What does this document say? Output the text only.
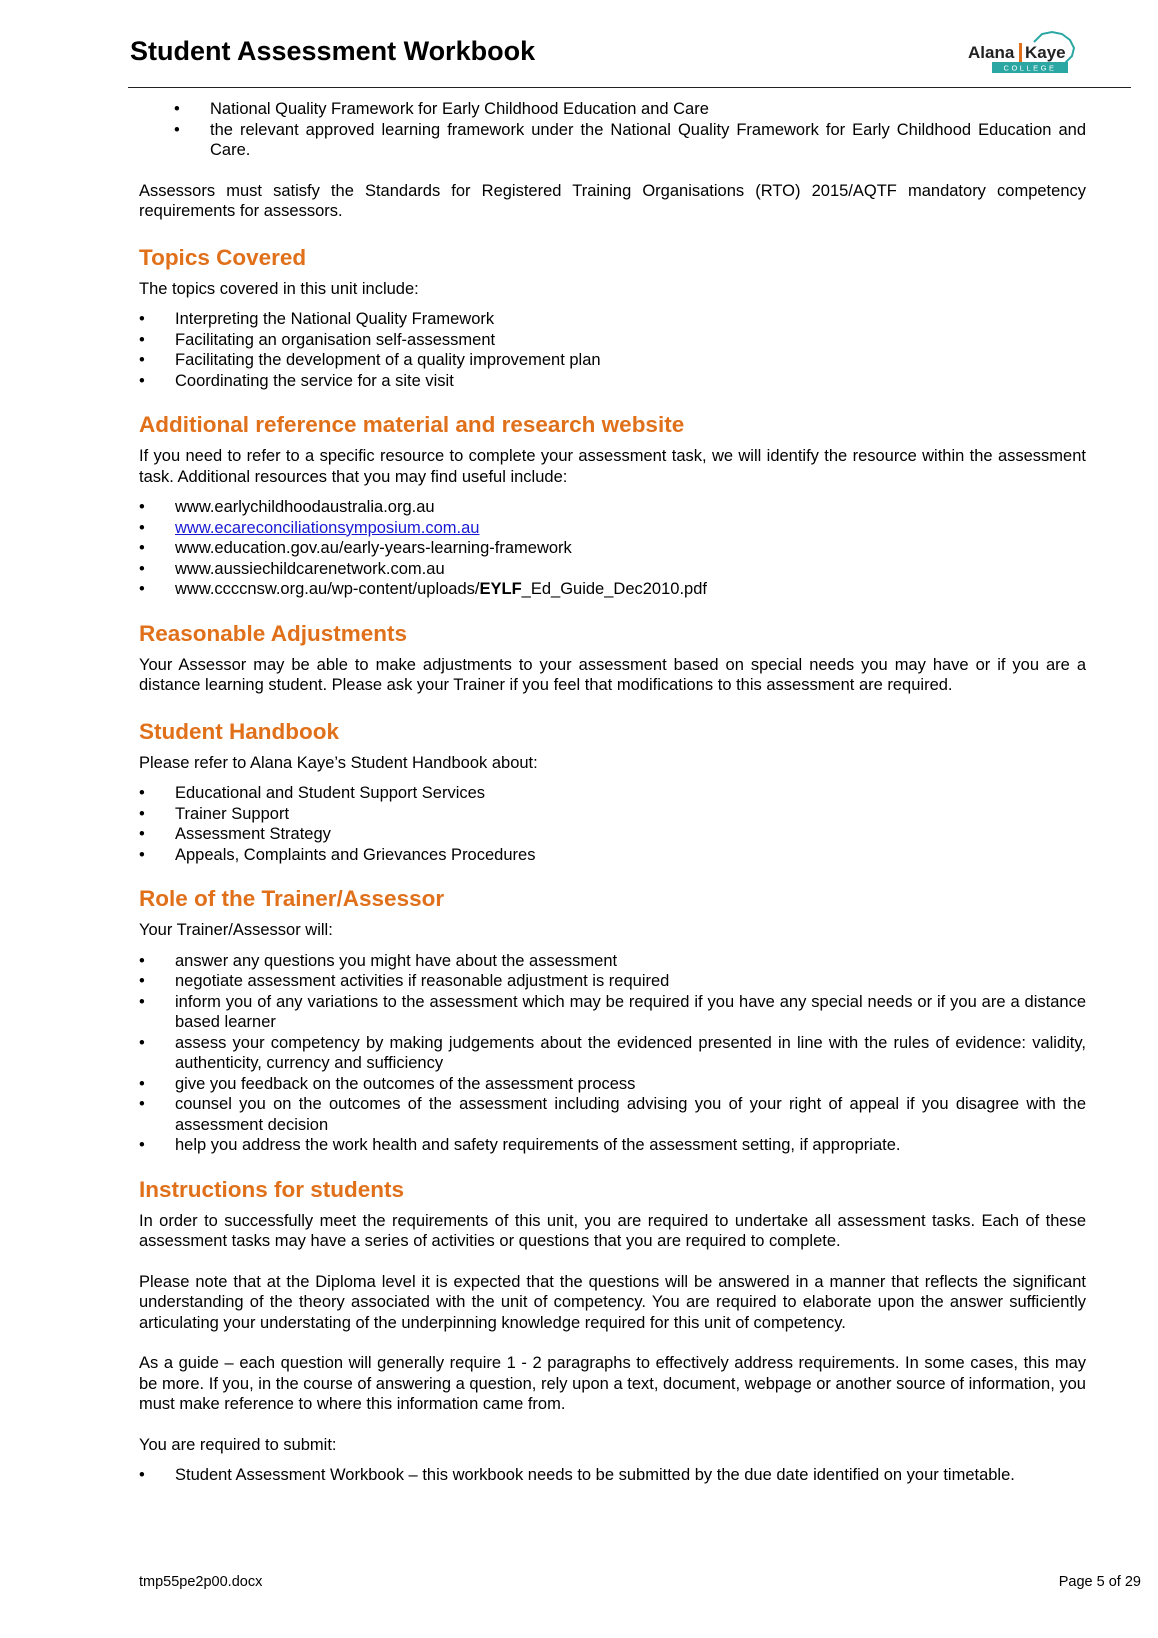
Student Assessment Workbook	Alana Kaye
COLLEGE
• National Quality Framework for Early Childhood Education and Care
• the relevant approved learning framework under the National Quality Framework for Early Childhood Education and Care.

Assessors must satisfy the Standards for Registered Training Organisations (RTO) 2015/AQTF mandatory competency requirements for assessors.

Topics Covered

The topics covered in this unit include:

• Interpreting the National Quality Framework
• Facilitating an organisation self-assessment
• Facilitating the development of a quality improvement plan
• Coordinating the service for a site visit
Additional reference material and research website

If you need to refer to a specific resource to complete your assessment task, we will identify the resource within the assessment task. Additional resources that you may find useful include:

• www.earlychildhoodaustralia.org.au
• www.ecareconciliationsymposium.com.au
• www.education.gov.au/early-years-learning-framework
• www.aussiechildcarenetwork.com.au
• www.ccccnsw.org.au/wp-content/uploads/EYLF_Ed_Guide_Dec2010.pdf
Reasonable Adjustments

Your Assessor may be able to make adjustments to your assessment based on special needs you may have or if you are a distance learning student. Please ask your Trainer if you feel that modifications to this assessment are required.

Student Handbook

Please refer to Alana Kaye’s Student Handbook about:

• Educational and Student Support Services
• Trainer Support
• Assessment Strategy
• Appeals, Complaints and Grievances Procedures
Role of the Trainer/Assessor

Your Trainer/Assessor will:

• answer any questions you might have about the assessment
• negotiate assessment activities if reasonable adjustment is required
• inform you of any variations to the assessment which may be required if you have any special needs or if you are a distance based learner
• assess your competency by making judgements about the evidenced presented in line with the rules of evidence: validity, authenticity, currency and sufficiency
• give you feedback on the outcomes of the assessment process
• counsel you on the outcomes of the assessment including advising you of your right of appeal if you disagree with the assessment decision
• help you address the work health and safety requirements of the assessment setting, if appropriate.
Instructions for students

In order to successfully meet the requirements of this unit, you are required to undertake all assessment tasks. Each of these assessment tasks may have a series of activities or questions that you are required to complete.

Please note that at the Diploma level it is expected that the questions will be answered in a manner that reflects the significant understanding of the theory associated with the unit of competency. You are required to elaborate upon the answer sufficiently articulating your understating of the underpinning knowledge required for this unit of competency.

As a guide – each question will generally require 1 - 2 paragraphs to effectively address requirements. In some cases, this may be more. If you, in the course of answering a question, rely upon a text, document, webpage or another source of information, you must make reference to where this information came from.

You are required to submit:

• Student Assessment Workbook – this workbook needs to be submitted by the due date identified on your timetable.
tmp55pe2p00.docx	Page 5 of 29
